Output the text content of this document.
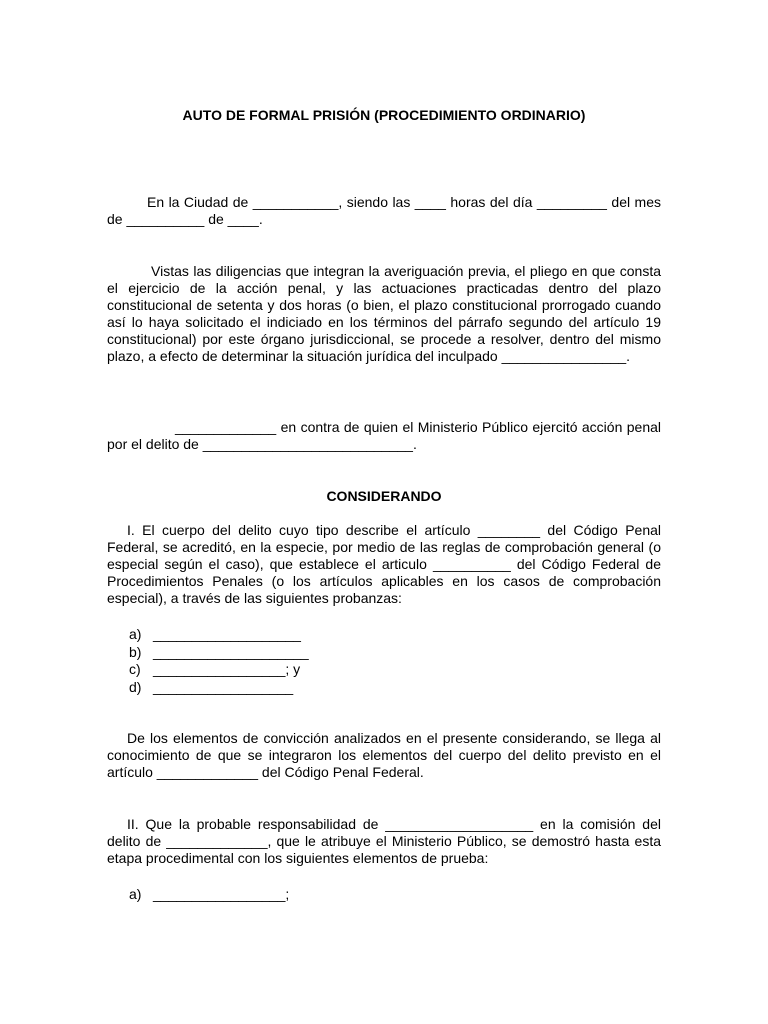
AUTO DE FORMAL PRISIÓN (PROCEDIMIENTO ORDINARIO)

En la Ciudad de ___________, siendo las ____ horas del día _________ del mes de __________ de ____.

Vistas las diligencias que integran la averiguación previa, el pliego en que consta el ejercicio de la acción penal, y las actuaciones practicadas dentro del plazo constitucional de setenta y dos horas (o bien, el plazo constitucional prorrogado cuando así lo haya solicitado el indiciado en los términos del párrafo segundo del artículo 19 constitucional) por este órgano jurisdiccional, se procede a resolver, dentro del mismo plazo, a efecto de determinar la situación jurídica del inculpado ________________.

_____________ en contra de quien el Ministerio Público ejercitó acción penal por el delito de ___________________________.

CONSIDERANDO

I. El cuerpo del delito cuyo tipo describe el artículo ________ del Código Penal Federal, se acreditó, en la especie, por medio de las reglas de comprobación general (o especial según el caso), que establece el articulo __________ del Código Federal de Procedimientos Penales (o los artículos aplicables en los casos de comprobación especial), a través de las siguientes probanzas:

a) ___________________
b) ____________________
c) _________________; y
d) __________________

De los elementos de convicción analizados en el presente considerando, se llega al conocimiento de que se integraron los elementos del cuerpo del delito previsto en el artículo _____________ del Código Penal Federal.

II. Que la probable responsabilidad de ___________________ en la comisión del delito de _____________, que le atribuye el Ministerio Público, se demostró hasta esta etapa procedimental con los siguientes elementos de prueba:

a) _________________;
